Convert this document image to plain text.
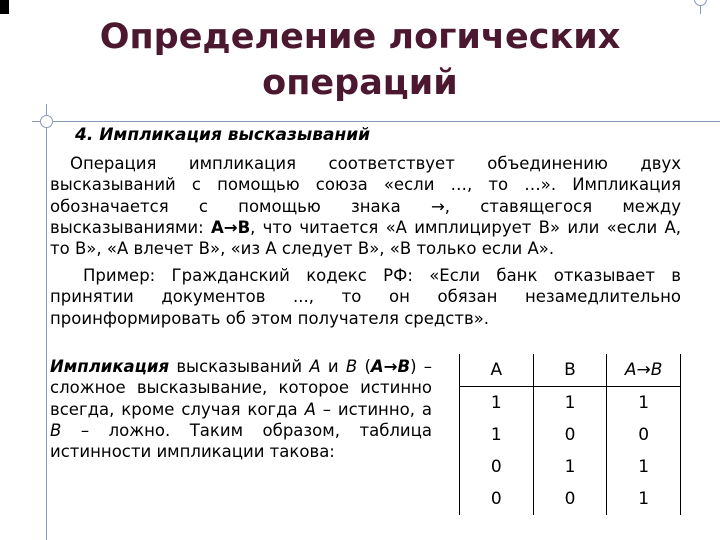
Определение логических
операций
4. Импликация высказываний
Операция импликация соответствует объединению двух высказываний с помощью союза «если …, то …». Импликация обозначается с помощью знака →, ставящегося между высказываниями: А→В, что читается «А имплицирует В» или «если А, то В», «А влечет В», «из А следует В», «В только если А».
Пример: Гражданский кодекс РФ: «Если банк отказывает в принятии документов ..., то он обязан незамедлительно проинформировать об этом получателя средств».
Импликация высказываний А и В (А→В) – сложное высказывание, которое истинно всегда, кроме случая когда А – истинно, а В – ложно. Таким образом, таблица истинности импликации такова:
А	В	А→В
1	1	1
1	0	0
0	1	1
0	0	1
